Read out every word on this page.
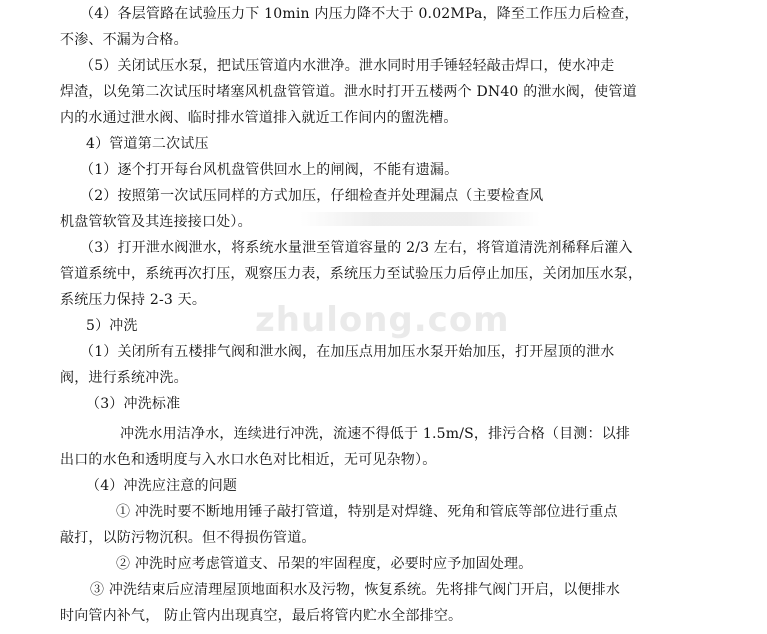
zhulong.com
（4）各层管路在试验压力下 10min 内压力降不大于 0.02MPa，降至工作压力后检查，
不渗、不漏为合格。
（5）关闭试压水泵，把试压管道内水泄净。泄水同时用手锤轻轻敲击焊口，使水冲走
焊渣，以免第二次试压时堵塞风机盘管管道。泄水时打开五楼两个 DN40 的泄水阀，使管道
内的水通过泄水阀、临时排水管道排入就近工作间内的盥洗槽。
4）管道第二次试压
（1）逐个打开每台风机盘管供回水上的闸阀，不能有遗漏。
（2）按照第一次试压同样的方式加压，仔细检查并处理漏点（主要检查风
机盘管软管及其连接接口处）。
（3）打开泄水阀泄水，将系统水量泄至管道容量的 2/3 左右，将管道清洗剂稀释后灌入
管道系统中，系统再次打压，观察压力表，系统压力至试验压力后停止加压，关闭加压水泵，
系统压力保持 2-3 天。
5）冲洗
（1）关闭所有五楼排气阀和泄水阀，在加压点用加压水泵开始加压，打开屋顶的泄水
阀，进行系统冲洗。
（3）冲洗标准
冲洗水用洁净水，连续进行冲洗，流速不得低于 1.5m/S，排污合格（目测：以排
出口的水色和透明度与入水口水色对比相近，无可见杂物）。
（4）冲洗应注意的问题
① 冲洗时要不断地用锤子敲打管道，特别是对焊缝、死角和管底等部位进行重点
敲打，以防污物沉积。但不得损伤管道。
② 冲洗时应考虑管道支、吊架的牢固程度，必要时应予加固处理。
③ 冲洗结束后应清理屋顶地面积水及污物，恢复系统。先将排气阀门开启，以便排水
时向管内补气， 防止管内出现真空，最后将管内贮水全部排空。
